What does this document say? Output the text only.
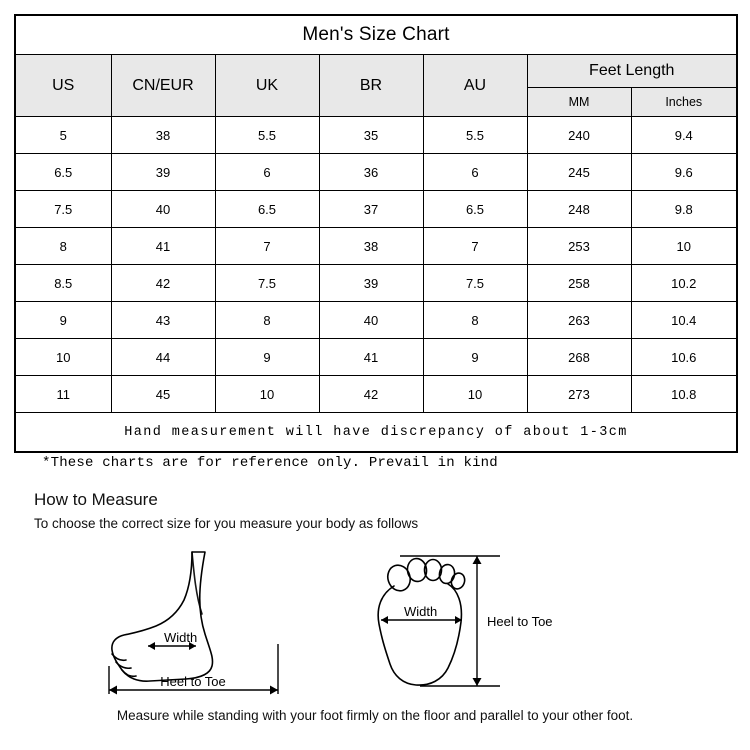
Men's Size Chart						
US	CN/EUR	UK	BR	AU	Feet Length	
					MM	Inches
5	38	5.5	35	5.5	240	9.4
6.5	39	6	36	6	245	9.6
7.5	40	6.5	37	6.5	248	9.8
8	41	7	38	7	253	10
8.5	42	7.5	39	7.5	258	10.2
9	43	8	40	8	263	10.4
10	44	9	41	9	268	10.6
11	45	10	42	10	273	10.8
Hand measurement will have discrepancy of about 1-3cm						
*These charts are for reference only. Prevail in kind
How to Measure
To choose the correct size for you measure your body as follows
Width
Heel to Toe
Width
Heel to Toe
Measure while standing with your foot firmly on the floor and parallel to your other foot.
